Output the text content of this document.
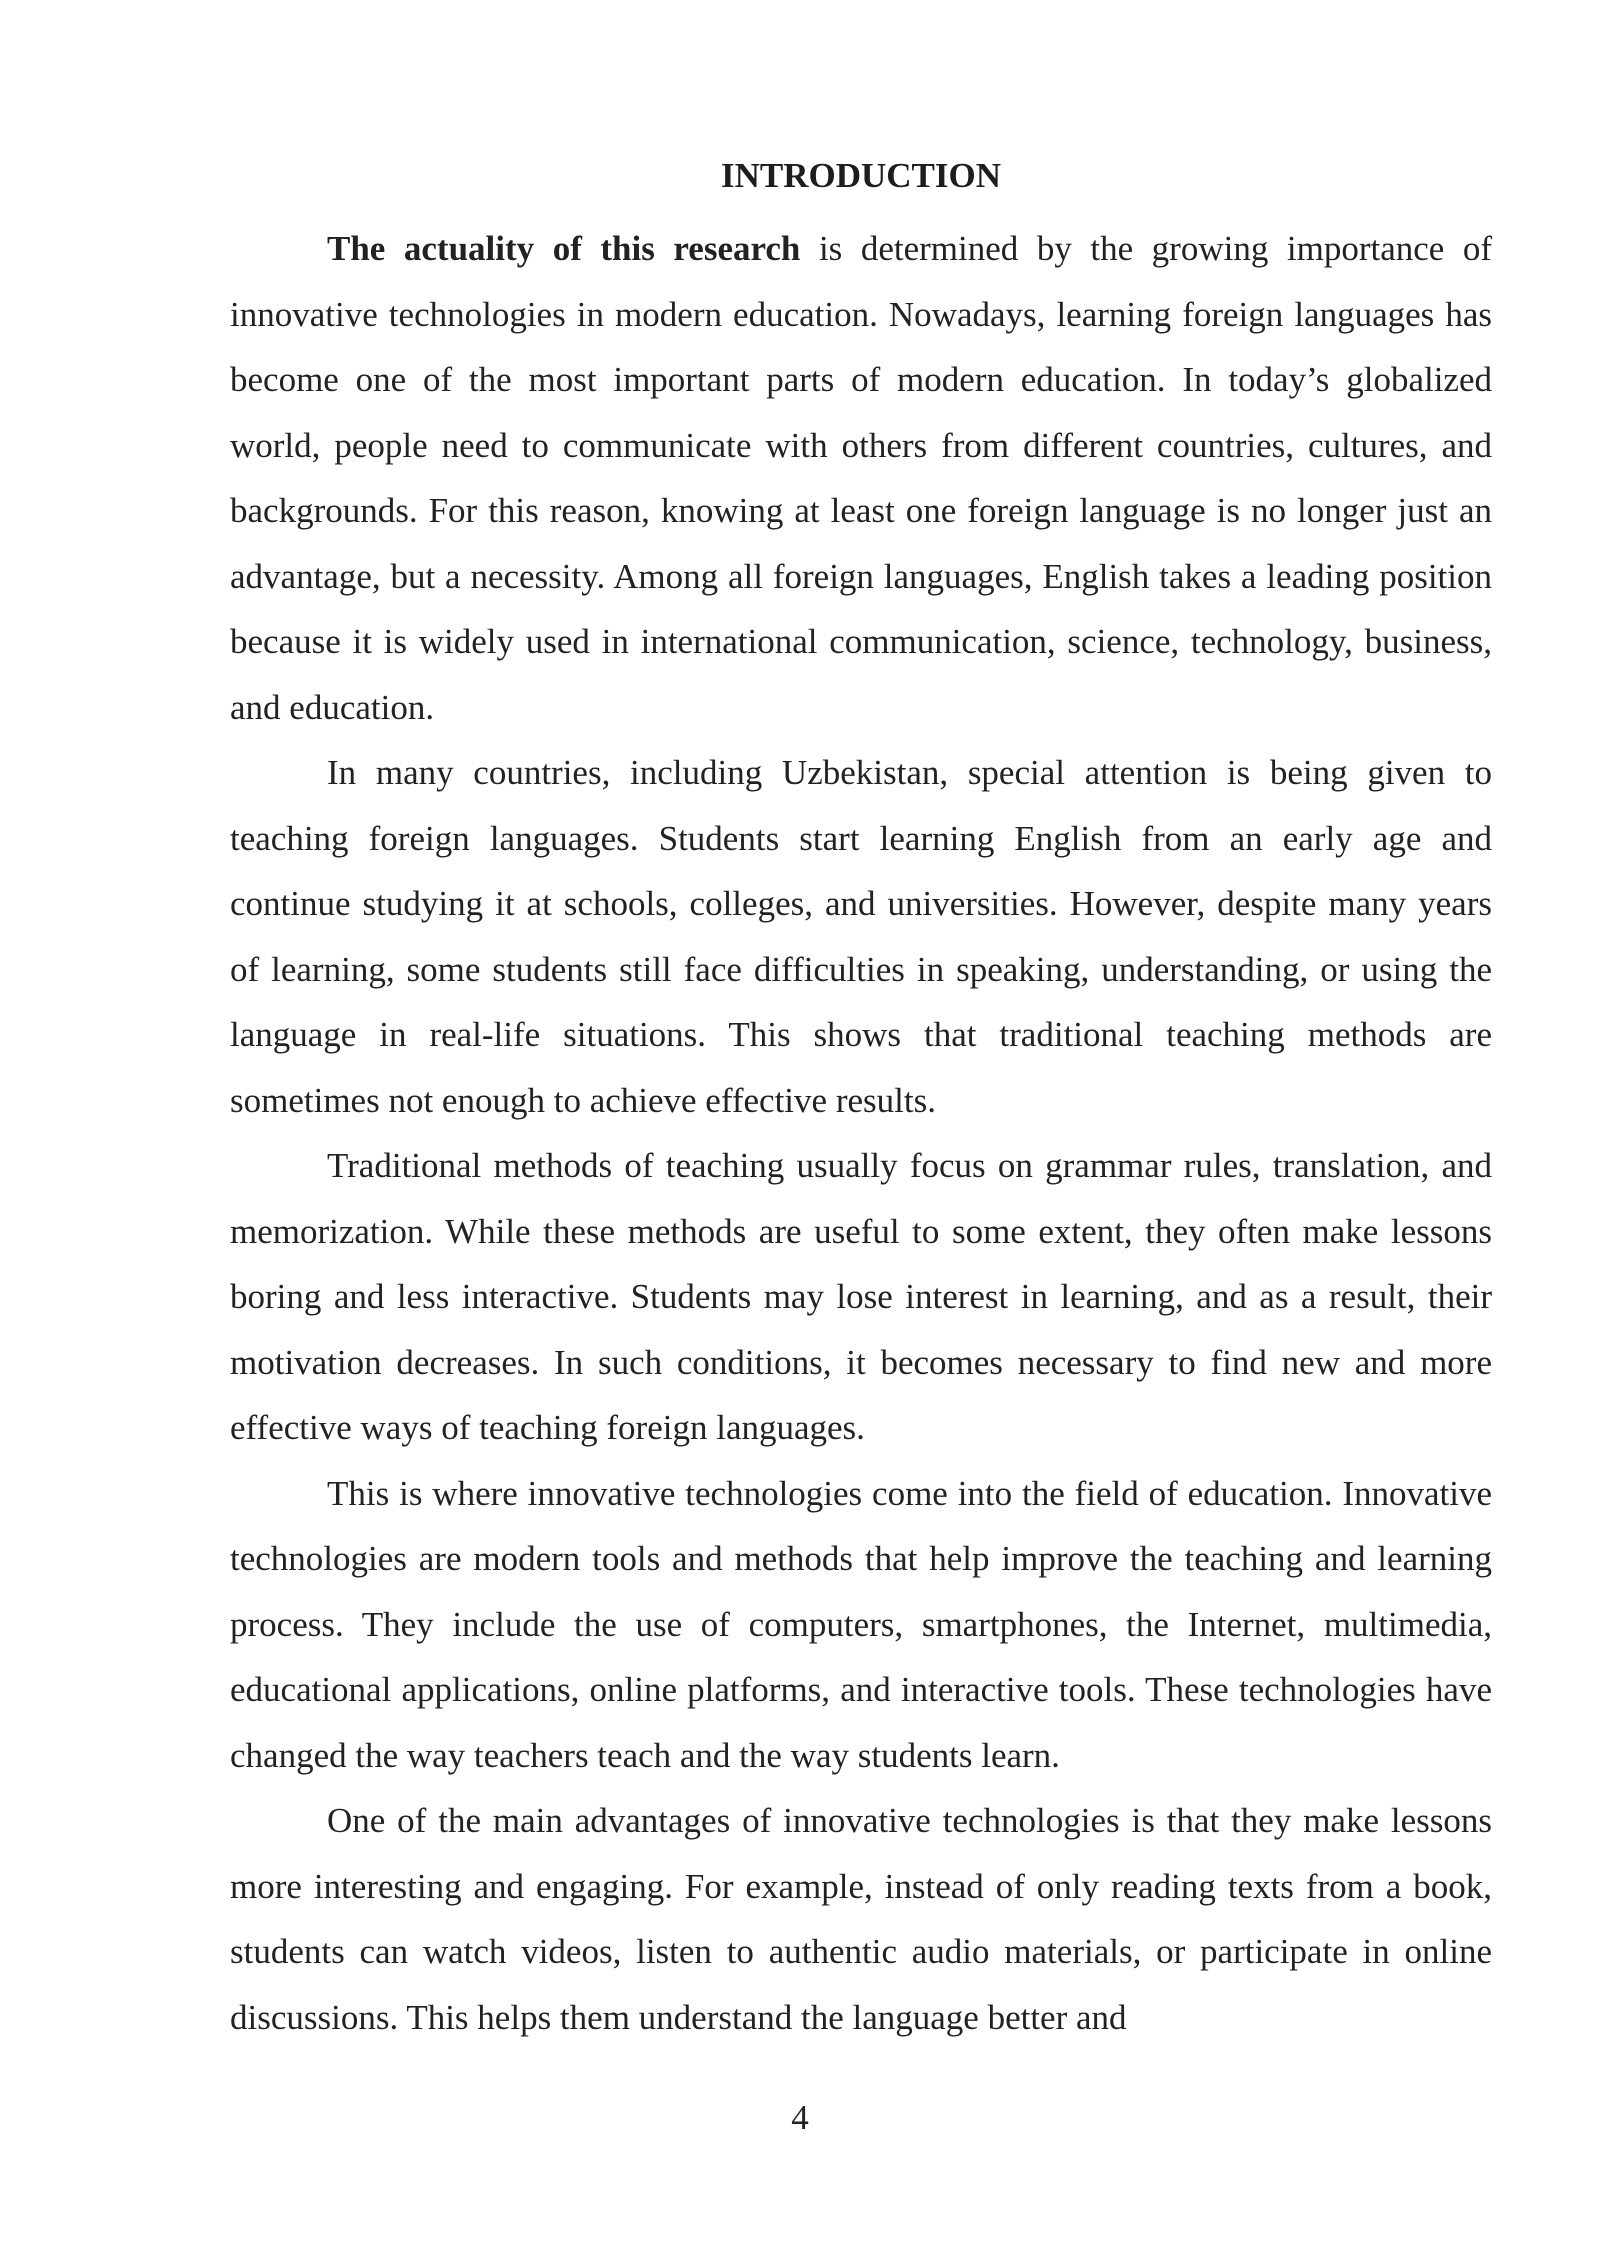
INTRODUCTION

The actuality of this research is determined by the growing importance of innovative technologies in modern education. Nowadays, learning foreign languages has become one of the most important parts of modern education. In today’s globalized world, people need to communicate with others from different countries, cultures, and backgrounds. For this reason, knowing at least one foreign language is no longer just an advantage, but a necessity. Among all foreign languages, English takes a leading position because it is widely used in international communication, science, technology, business, and education.

In many countries, including Uzbekistan, special attention is being given to teaching foreign languages. Students start learning English from an early age and continue studying it at schools, colleges, and universities. However, despite many years of learning, some students still face difficulties in speaking, understanding, or using the language in real-life situations. This shows that traditional teaching methods are sometimes not enough to achieve effective results.

Traditional methods of teaching usually focus on grammar rules, translation, and memorization. While these methods are useful to some extent, they often make lessons boring and less interactive. Students may lose interest in learning, and as a result, their motivation decreases. In such conditions, it becomes necessary to find new and more effective ways of teaching foreign languages.

This is where innovative technologies come into the field of education. Innovative technologies are modern tools and methods that help improve the teaching and learning process. They include the use of computers, smartphones, the Internet, multimedia, educational applications, online platforms, and interactive tools. These technologies have changed the way teachers teach and the way students learn.

One of the main advantages of innovative technologies is that they make lessons more interesting and engaging. For example, instead of only reading texts from a book, students can watch videos, listen to authentic audio materials, or participate in online discussions. This helps them understand the language better and

4
